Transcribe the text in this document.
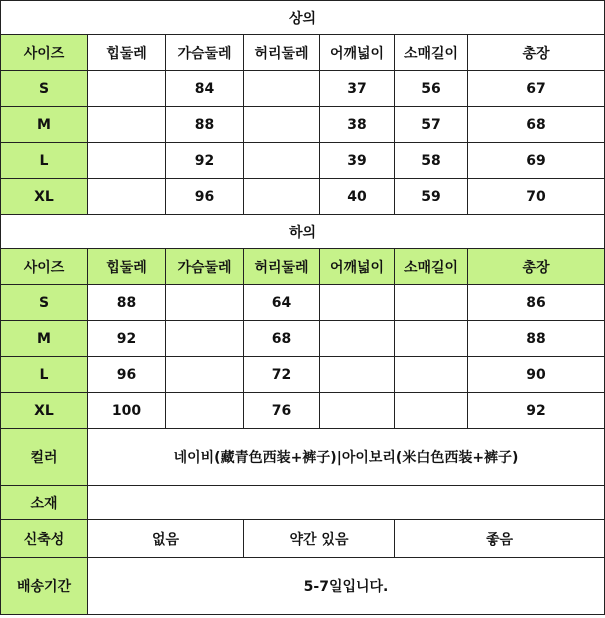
상의						
사이즈	힙둘레	가슴둘레	허리둘레	어깨넓이	소매길이	총장
S		84		37	56	67
M		88		38	57	68
L		92		39	58	69
XL		96		40	59	70
하의						
사이즈	힙둘레	가슴둘레	허리둘레	어깨넓이	소매길이	총장
S	88		64			86
M	92		68			88
L	96		72			90
XL	100		76			92
컬러	네이비(藏青色西装+裤子)|아이보리(米白色西装+裤子)					
소재						
신축성	없음		약간 있음		좋음	
배송기간	5-7일입니다.					
